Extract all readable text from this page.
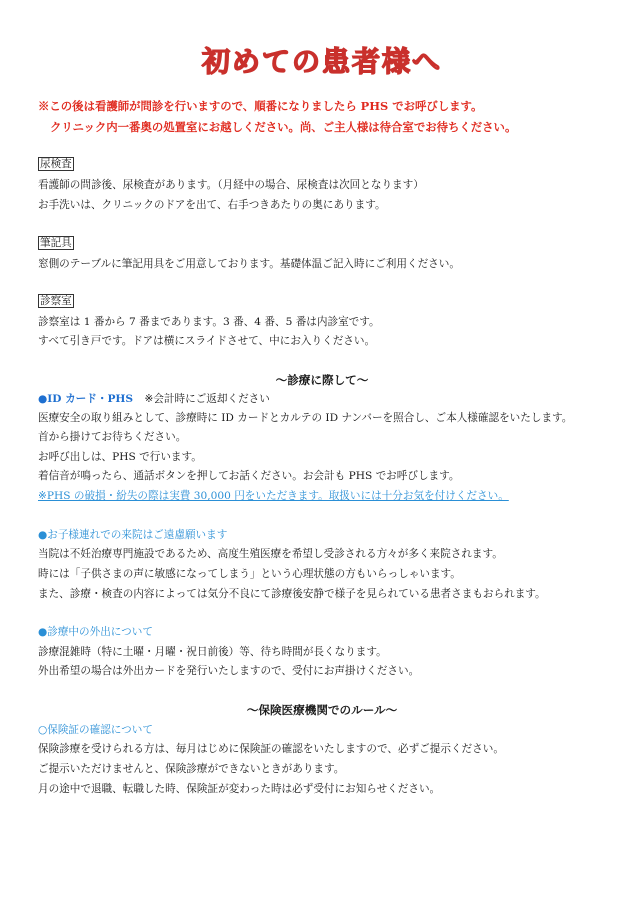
初めての患者様へ
※この後は看護師が問診を行いますので、順番になりましたら PHS でお呼びします。
クリニック内一番奥の処置室にお越しください。尚、ご主人様は待合室でお待ちください。
尿検査
看護師の問診後、尿検査があります。（月経中の場合、尿検査は次回となります）
お手洗いは、クリニックのドアを出て、右手つきあたりの奥にあります。
筆記具
窓側のテーブルに筆記用具をご用意しております。基礎体温ご記入時にご利用ください。
診察室
診察室は 1 番から 7 番まであります。3 番、4 番、5 番は内診室です。
すべて引き戸です。ドアは横にスライドさせて、中にお入りください。
～診療に際して～
●ID カード・PHS ※会計時にご返却ください
医療安全の取り組みとして、診療時に ID カードとカルテの ID ナンバーを照合し、ご本人様確認をいたします。
首から掛けてお待ちください。
お呼び出しは、PHS で行います。
着信音が鳴ったら、通話ボタンを押してお話ください。お会計も PHS でお呼びします。
※PHS の破損・紛失の際は実費 30,000 円をいただきます。取扱いには十分お気を付けください。
●お子様連れでの来院はご遠慮願います
当院は不妊治療専門施設であるため、高度生殖医療を希望し受診される方々が多く来院されます。
時には「子供さまの声に敏感になってしまう」という心理状態の方もいらっしゃいます。
また、診療・検査の内容によっては気分不良にて診療後安静で様子を見られている患者さまもおられます。
●診療中の外出について
診療混雑時（特に土曜・月曜・祝日前後）等、待ち時間が長くなります。
外出希望の場合は外出カードを発行いたしますので、受付にお声掛けください。
～保険医療機関でのルール～
○保険証の確認について
保険診療を受けられる方は、毎月はじめに保険証の確認をいたしますので、必ずご提示ください。
ご提示いただけませんと、保険診療ができないときがあります。
月の途中で退職、転職した時、保険証が変わった時は必ず受付にお知らせください。
